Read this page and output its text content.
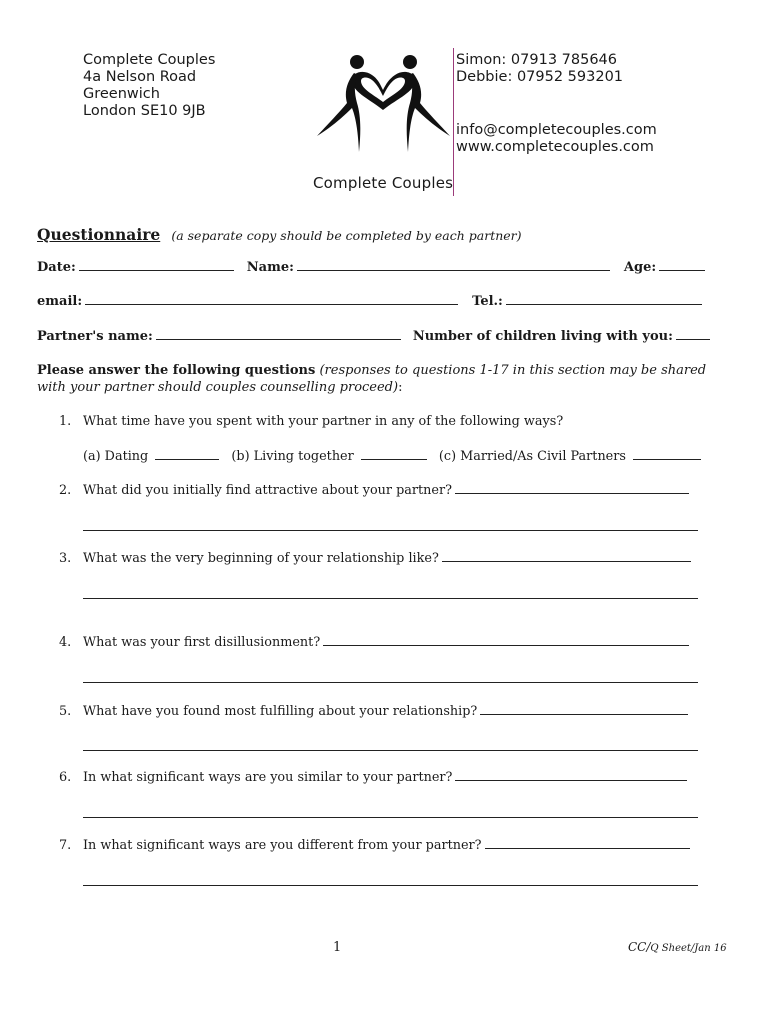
Complete Couples
4a Nelson Road
Greenwich
London SE10 9JB
Complete Couples
Simon: 07913 785646
Debbie: 07952 593201
info@completecouples.com
www.completecouples.com
Questionnaire (a separate copy should be completed by each partner)
Date:	Name:	Age:
email:	Tel.:
Partner's name:	Number of children living with you:
Please answer the following questions (responses to questions 1-17 in this section may be shared with your partner should couples counselling proceed):
1. What time have you spent with your partner in any of the following ways?
(a) Dating	(b) Living together	(c) Married/As Civil Partners
2. What did you initially find attractive about your partner?
3. What was the very beginning of your relationship like?
4. What was your first disillusionment?
5. What have you found most fulfilling about your relationship?
6. In what significant ways are you similar to your partner?
7. In what significant ways are you different from your partner?
1	CC/Q Sheet/Jan 16
